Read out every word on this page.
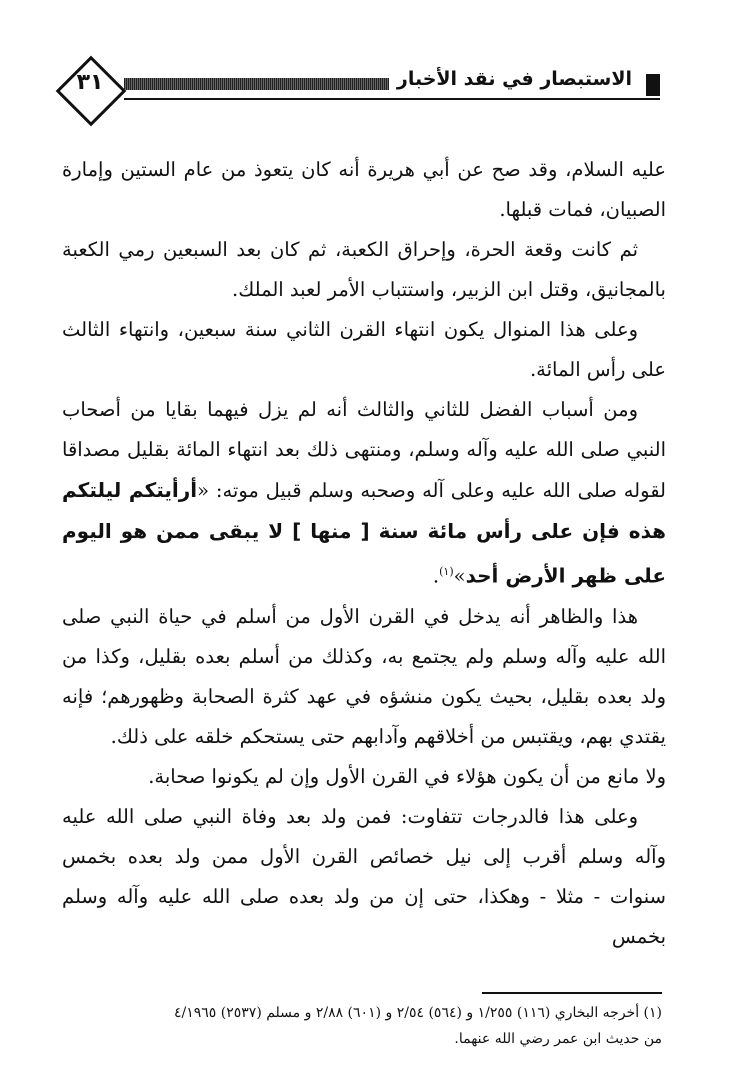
٣١	الاستبصار في نقد الأخبار

عليه السلام، وقد صح عن أبي هريرة أنه كان يتعوذ من عام الستين وإمارة الصبيان، فمات قبلها.

ثم كانت وقعة الحرة، وإحراق الكعبة، ثم كان بعد السبعين رمي الكعبة بالمجانيق، وقتل ابن الزبير، واستتباب الأمر لعبد الملك.

وعلى هذا المنوال يكون انتهاء القرن الثاني سنة سبعين، وانتهاء الثالث على رأس المائة.

ومن أسباب الفضل للثاني والثالث أنه لم يزل فيهما بقايا من أصحاب النبي صلى الله عليه وآله وسلم، ومنتهى ذلك بعد انتهاء المائة بقليل مصداقا لقوله صلى الله عليه وعلى آله وصحبه وسلم قبيل موته: «أرأيتكم ليلتكم هذه فإن على رأس مائة سنة [ منها ] لا يبقى ممن هو اليوم على ظهر الأرض أحد»$^{(١)}$.

هذا والظاهر أنه يدخل في القرن الأول من أسلم في حياة النبي صلى الله عليه وآله وسلم ولم يجتمع به، وكذلك من أسلم بعده بقليل، وكذا من ولد بعده بقليل، بحيث يكون منشؤه في عهد كثرة الصحابة وظهورهم؛ فإنه يقتدي بهم، ويقتبس من أخلاقهم وآدابهم حتى يستحكم خلقه على ذلك.

ولا مانع من أن يكون هؤلاء في القرن الأول وإن لم يكونوا صحابة.

وعلى هذا فالدرجات تتفاوت: فمن ولد بعد وفاة النبي صلى الله عليه وآله وسلم أقرب إلى نيل خصائص القرن الأول ممن ولد بعده بخمس سنوات - مثلا - وهكذا، حتى إن من ولد بعده صلى الله عليه وآله وسلم بخمس

(١) أخرجه البخاري (١١٦) ١/٢٥٥ و (٥٦٤) ٢/٥٤ و (٦٠١) ٢/٨٨ و مسلم (٢٥٣٧) ٤/١٩٦٥
من حديث ابن عمر رضي الله عنهما.
